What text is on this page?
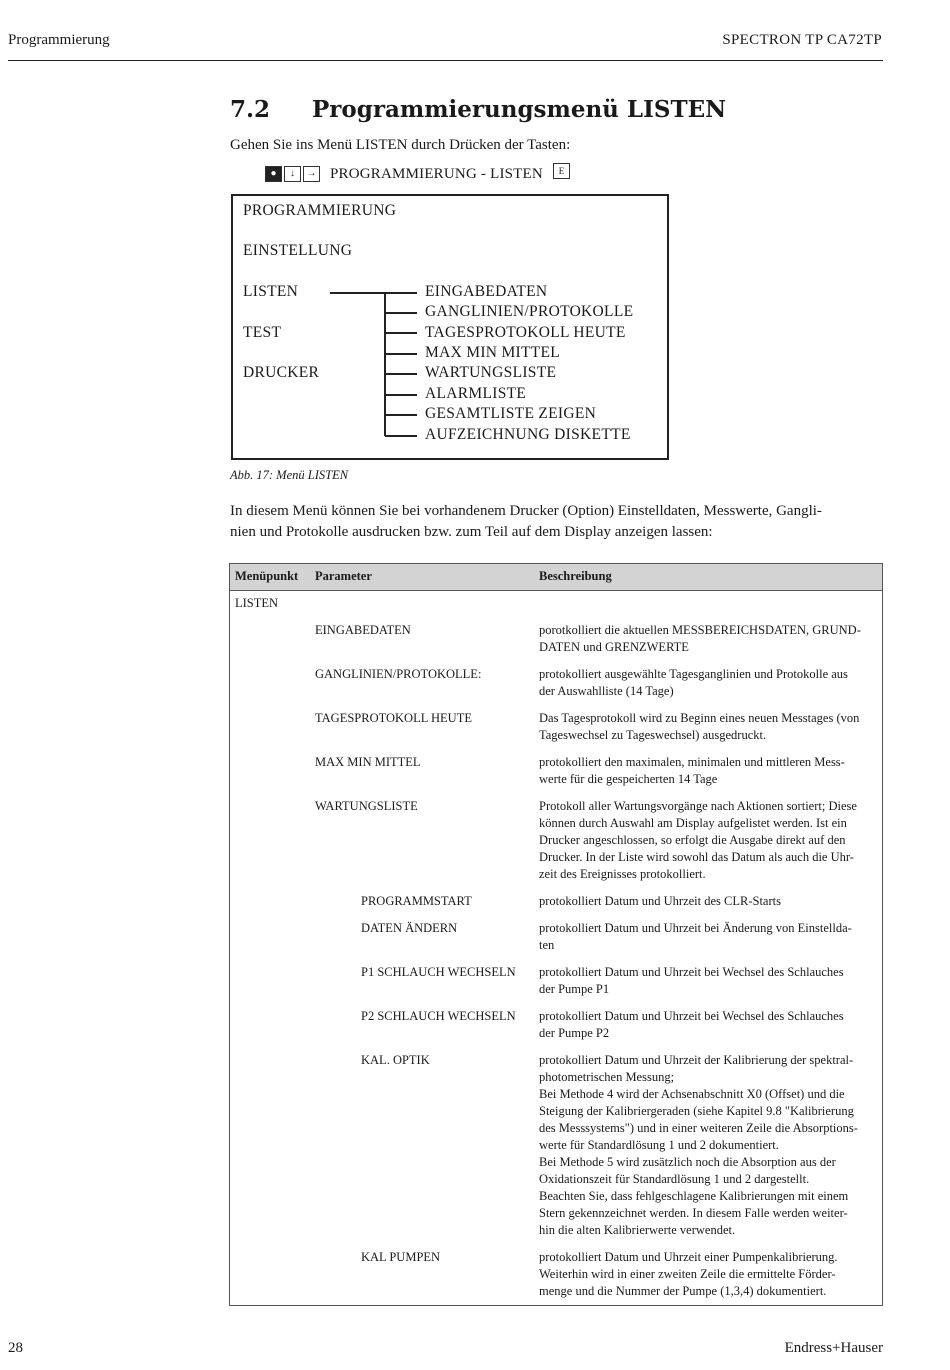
Programmierung	SPECTRON TP CA72TP
7.2 Programmierungsmenü LISTEN
Gehen Sie ins Menü LISTEN durch Drücken der Tasten:
●	↓	→ PROGRAMMIERUNG - LISTEN	E
PROGRAMMIERUNG
EINSTELLUNG
LISTEN
TEST
DRUCKER
EINGABEDATEN
GANGLINIEN/PROTOKOLLE
TAGESPROTOKOLL HEUTE
MAX MIN MITTEL
WARTUNGSLISTE
ALARMLISTE
GESAMTLISTE ZEIGEN
AUFZEICHNUNG DISKETTE
Abb. 17: Menü LISTEN
In diesem Menü können Sie bei vorhandenem Drucker (Option) Einstelldaten, Messwerte, Gangli-
nien und Protokolle ausdrucken bzw. zum Teil auf dem Display anzeigen lassen:
Menüpunkt Parameter	Beschreibung
LISTEN
EINGABEDATEN	porotkolliert die aktuellen MESSBEREICHSDATEN, GRUND-
DATEN und GRENZWERTE
GANGLINIEN/PROTOKOLLE:	protokolliert ausgewählte Tagesganglinien und Protokolle aus
der Auswahlliste (14 Tage)
TAGESPROTOKOLL HEUTE	Das Tagesprotokoll wird zu Beginn eines neuen Messtages (von
Tageswechsel zu Tageswechsel) ausgedruckt.
MAX MIN MITTEL	protokolliert den maximalen, minimalen und mittleren Mess-
werte für die gespeicherten 14 Tage
WARTUNGSLISTE	Protokoll aller Wartungsvorgänge nach Aktionen sortiert; Diese
können durch Auswahl am Display aufgelistet werden. Ist ein
Drucker angeschlossen, so erfolgt die Ausgabe direkt auf den
Drucker. In der Liste wird sowohl das Datum als auch die Uhr-
zeit des Ereignisses protokolliert.
PROGRAMMSTART	protokolliert Datum und Uhrzeit des CLR-Starts
DATEN ÄNDERN	protokolliert Datum und Uhrzeit bei Änderung von Einstellda-
ten
P1 SCHLAUCH WECHSELN protokolliert Datum und Uhrzeit bei Wechsel des Schlauches
der Pumpe P1
P2 SCHLAUCH WECHSELN protokolliert Datum und Uhrzeit bei Wechsel des Schlauches
der Pumpe P2
KAL. OPTIK	protokolliert Datum und Uhrzeit der Kalibrierung der spektral-
photometrischen Messung;
Bei Methode 4 wird der Achsenabschnitt X0 (Offset) und die
Steigung der Kalibriergeraden (siehe Kapitel 9.8 "Kalibrierung
des Messsystems") und in einer weiteren Zeile die Absorptions-
werte für Standardlösung 1 und 2 dokumentiert.
Bei Methode 5 wird zusätzlich noch die Absorption aus der
Oxidationszeit für Standardlösung 1 und 2 dargestellt.
Beachten Sie, dass fehlgeschlagene Kalibrierungen mit einem
Stern gekennzeichnet werden. In diesem Falle werden weiter-
hin die alten Kalibrierwerte verwendet.
KAL PUMPEN	protokolliert Datum und Uhrzeit einer Pumpenkalibrierung.
Weiterhin wird in einer zweiten Zeile die ermittelte Förder-
menge und die Nummer der Pumpe (1,3,4) dokumentiert.
28	Endress+Hauser
